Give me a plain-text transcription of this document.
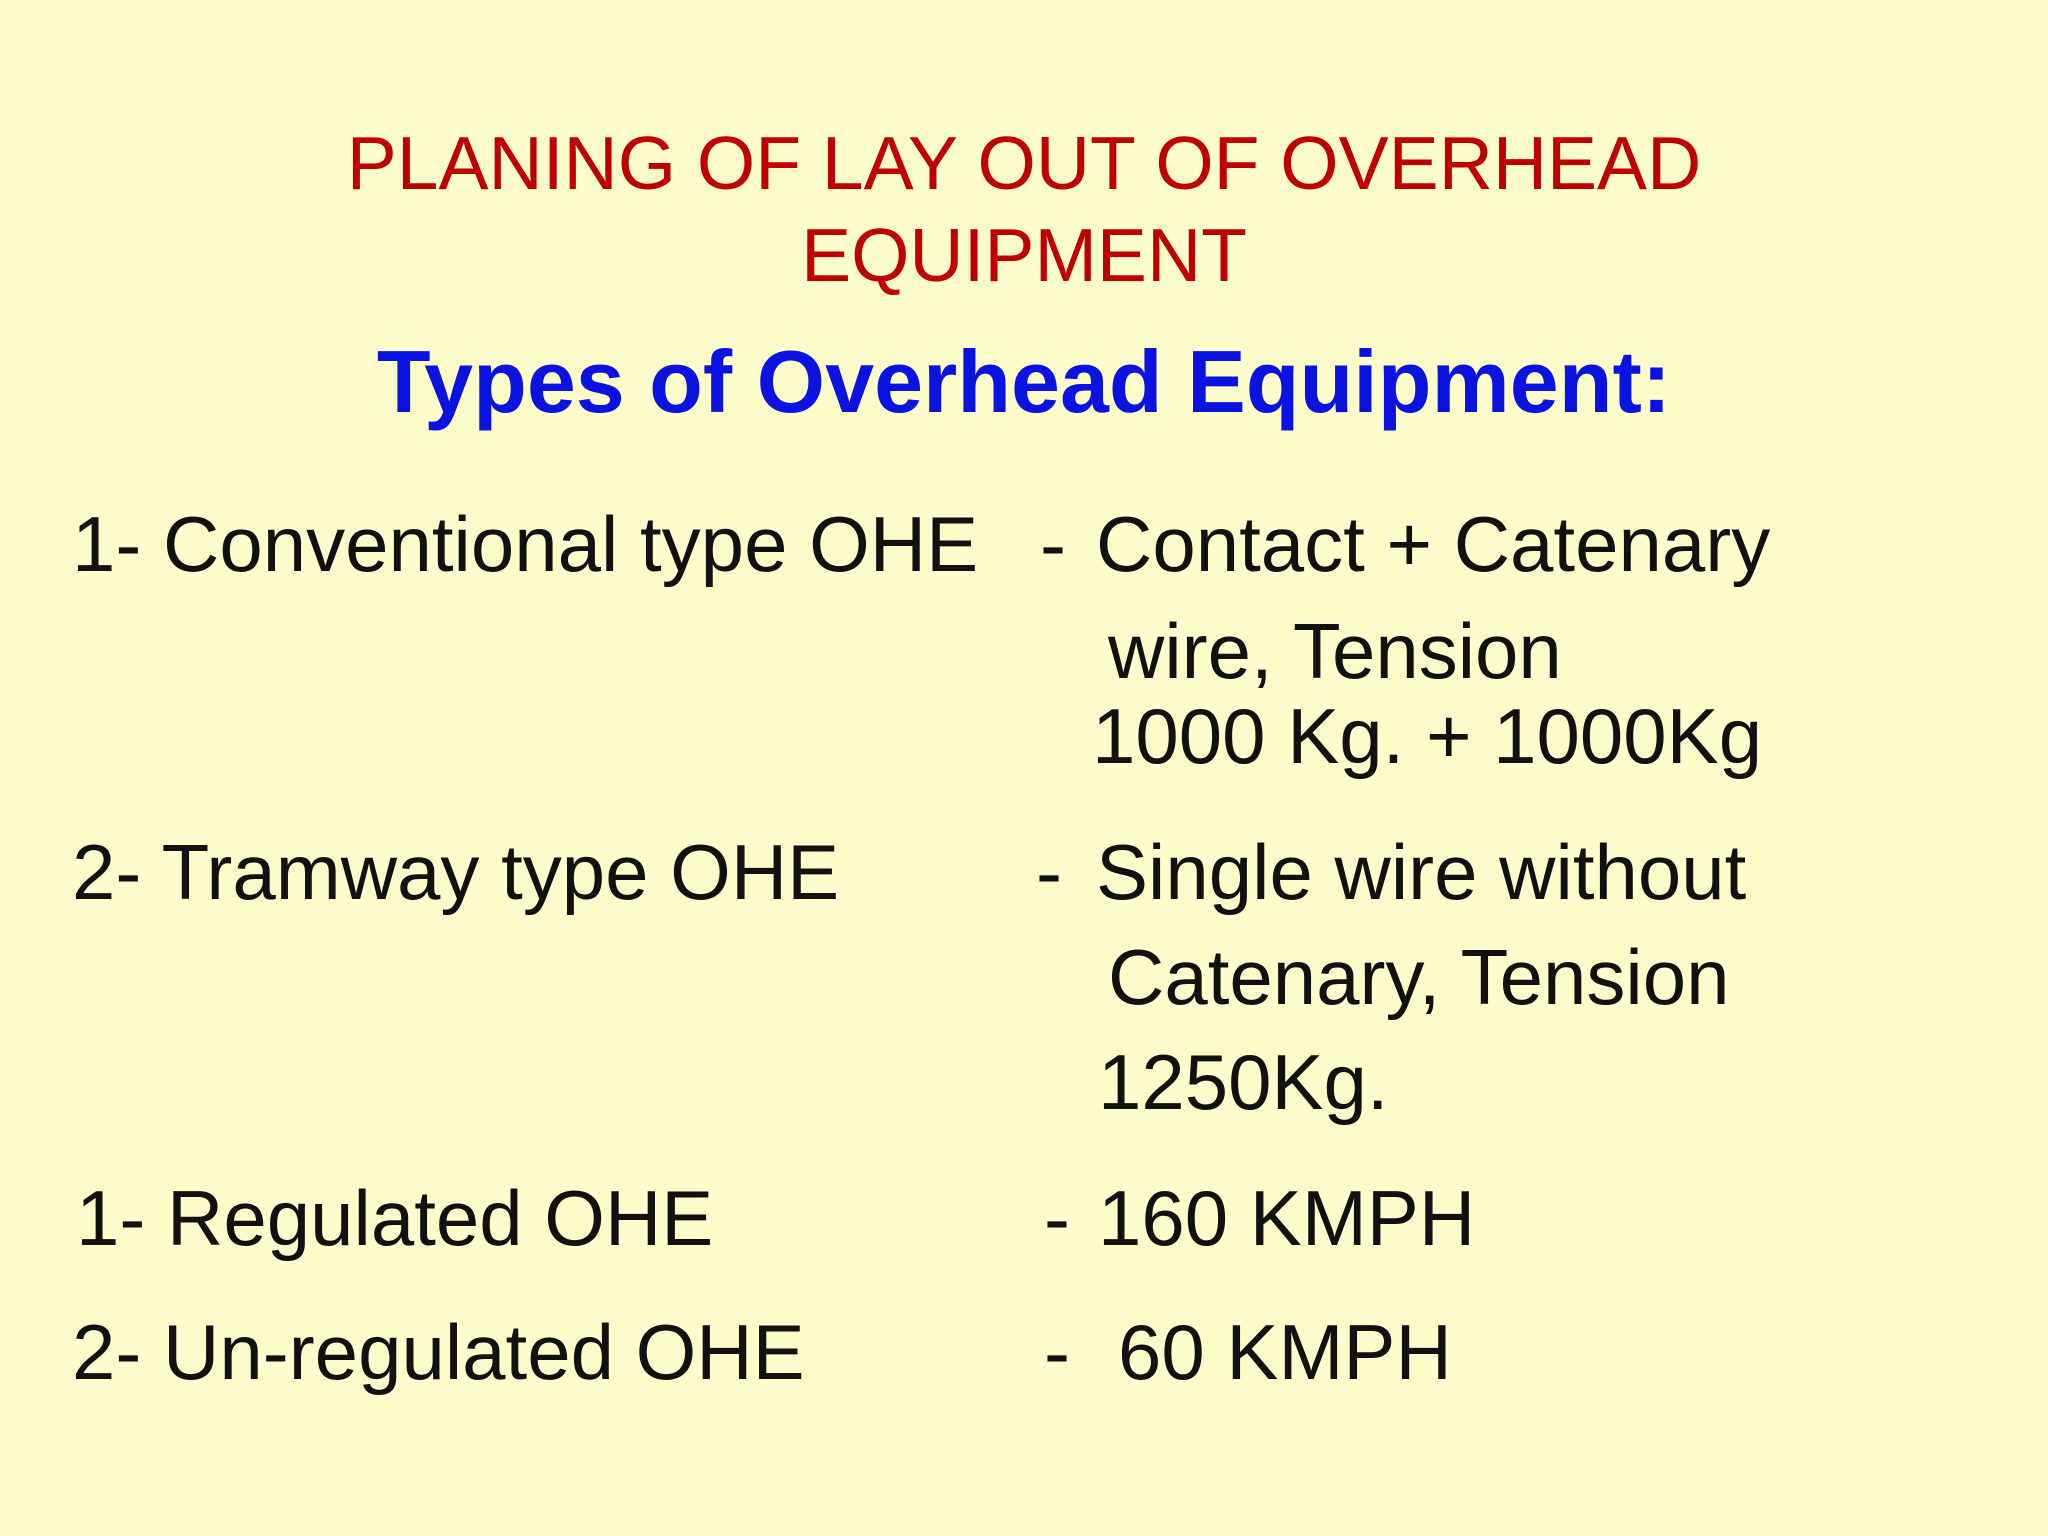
PLANING OF LAY OUT OF OVERHEAD
EQUIPMENT
Types of Overhead Equipment:
1- Conventional type OHE - Contact + Catenary
wire, Tension
1000 Kg. + 1000Kg
2- Tramway type OHE	- Single wire without
Catenary, Tension
1250Kg.
1- Regulated OHE	- 160 KMPH
2- Un-regulated OHE	- 60 KMPH
